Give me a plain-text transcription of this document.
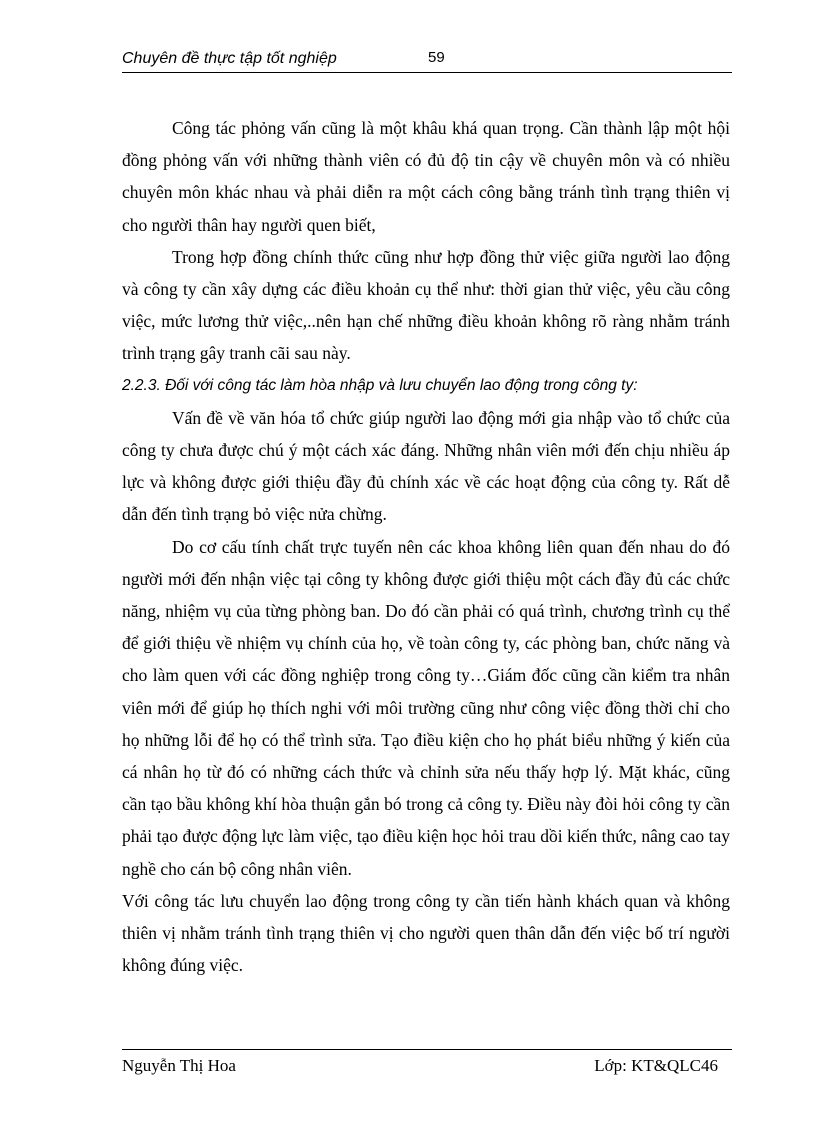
Chuyên đề thực tập tốt nghiệp	59

Công tác phỏng vấn cũng là một khâu khá quan trọng. Cần thành lập một hội đồng phỏng vấn với những thành viên có đủ độ tin cậy về chuyên môn và có nhiều chuyên môn khác nhau và phải diễn ra một cách công bằng tránh tình trạng thiên vị cho người thân hay người quen biết,

Trong hợp đồng chính thức cũng như hợp đồng thử việc giữa người lao động và công ty cần xây dựng các điều khoản cụ thể như: thời gian thử việc, yêu cầu công việc, mức lương thử việc,..nên hạn chế những điều khoản không rõ ràng nhằm tránh trình trạng gây tranh cãi sau này.

2.2.3. Đối với công tác làm hòa nhập và lưu chuyển lao động trong công ty:

Vấn đề về văn hóa tổ chức giúp người lao động mới gia nhập vào tổ chức của công ty chưa được chú ý một cách xác đáng. Những nhân viên mới đến chịu nhiều áp lực và không được giới thiệu đầy đủ chính xác về các hoạt động của công ty. Rất dễ dẫn đến tình trạng bỏ việc nửa chừng.

Do cơ cấu tính chất trực tuyến nên các khoa không liên quan đến nhau do đó người mới đến nhận việc tại công ty không được giới thiệu một cách đầy đủ các chức năng, nhiệm vụ của từng phòng ban. Do đó cần phải có quá trình, chương trình cụ thể để giới thiệu về nhiệm vụ chính của họ, về toàn công ty, các phòng ban, chức năng và cho làm quen với các đồng nghiệp trong công ty…Giám đốc cũng cần kiểm tra nhân viên mới để giúp họ thích nghi với môi trường cũng như công việc đồng thời chỉ cho họ những lỗi để họ có thể trình sửa. Tạo điều kiện cho họ phát biểu những ý kiến của cá nhân họ từ đó có những cách thức và chỉnh sửa nếu thấy hợp lý. Mặt khác, cũng cần tạo bầu không khí hòa thuận gắn bó trong cả công ty. Điều này đòi hỏi công ty cần phải tạo được động lực làm việc, tạo điều kiện học hỏi trau dồi kiến thức, nâng cao tay nghề cho cán bộ công nhân viên.

Với công tác lưu chuyển lao động trong công ty cần tiến hành khách quan và không thiên vị nhằm tránh tình trạng thiên vị cho người quen thân dẫn đến việc bố trí người không đúng việc.

Nguyễn Thị Hoa	Lớp: KT&QLC46
